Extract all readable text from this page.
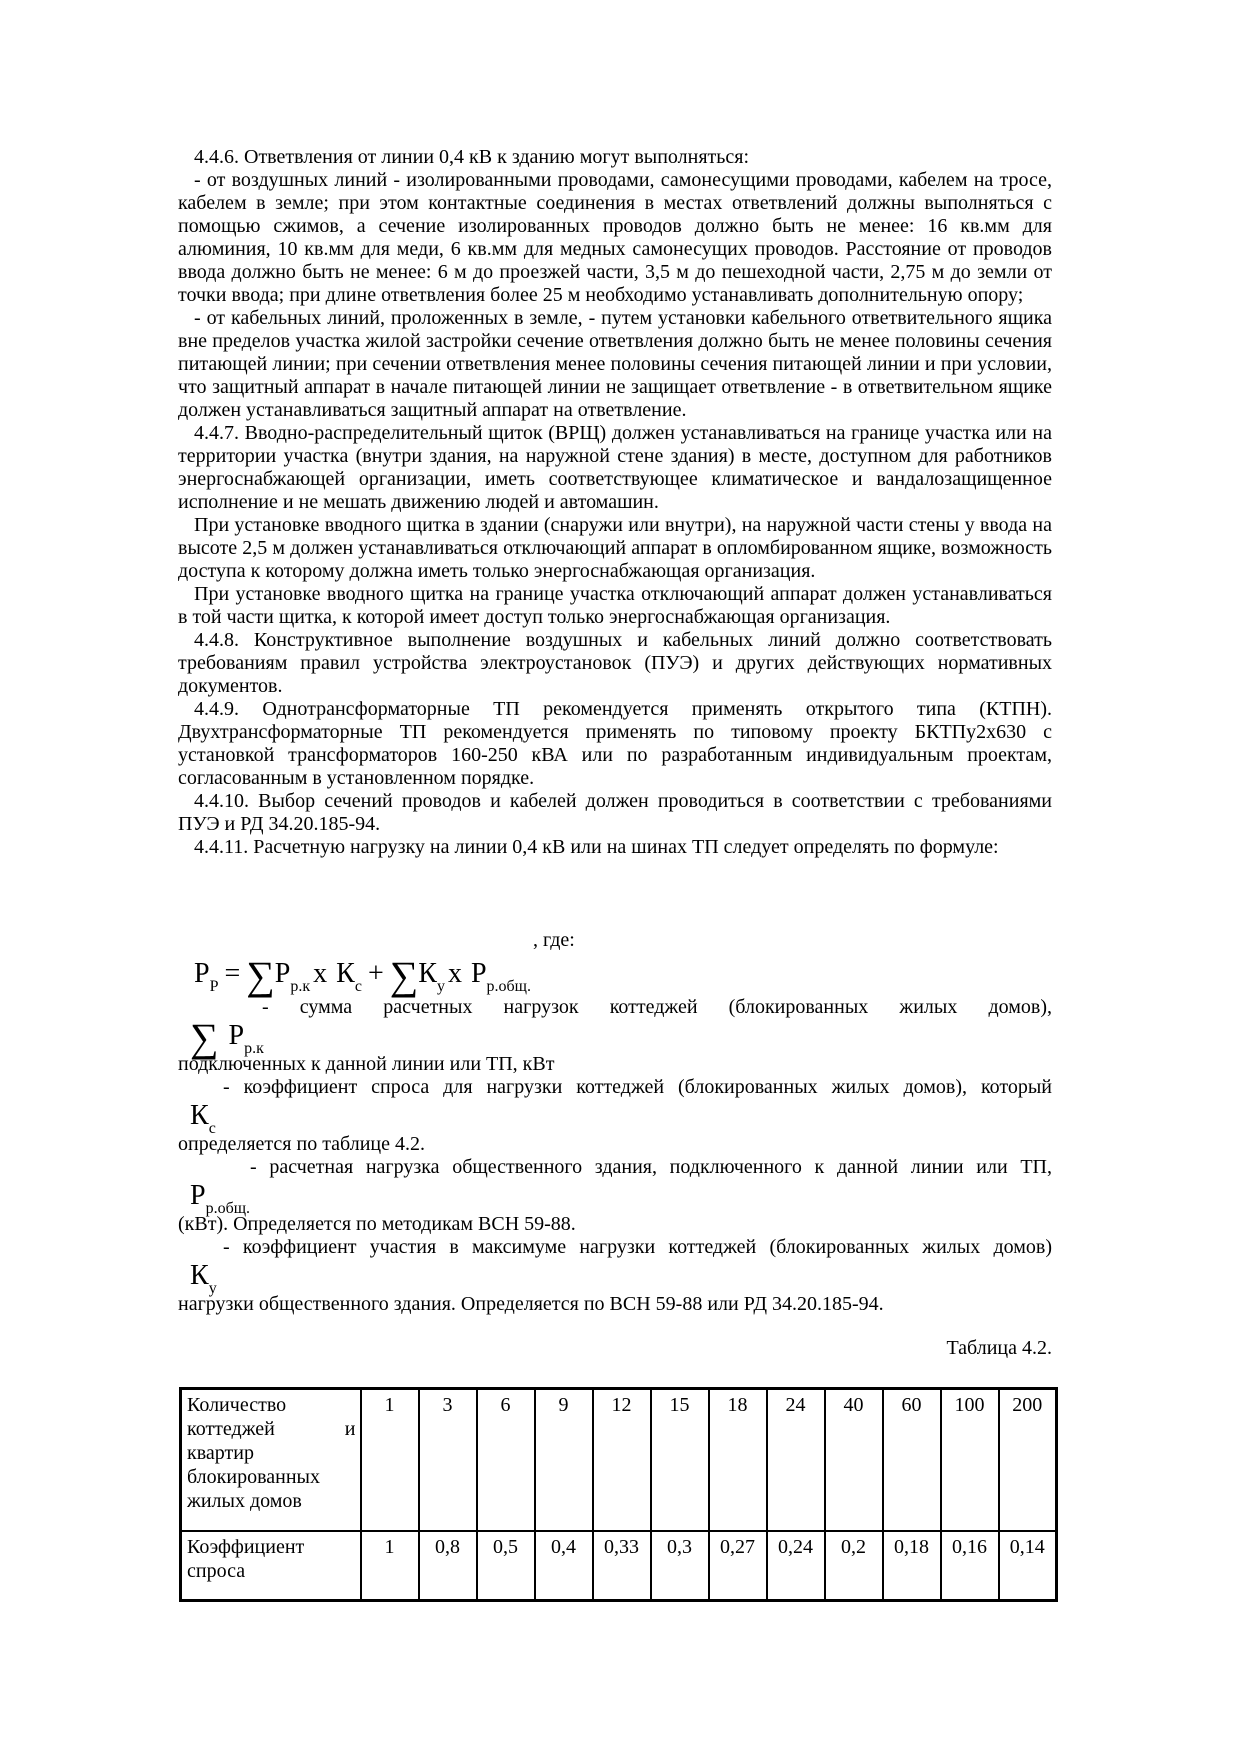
4.4.6. Ответвления от линии 0,4 кВ к зданию могут выполняться:

- от воздушных линий - изолированными проводами, самонесущими проводами, кабелем на тросе, кабелем в земле; при этом контактные соединения в местах ответвлений должны выполняться с помощью сжимов, а сечение изолированных проводов должно быть не менее: 16 кв.мм для алюминия, 10 кв.мм для меди, 6 кв.мм для медных самонесущих проводов. Расстояние от проводов ввода должно быть не менее: 6 м до проезжей части, 3,5 м до пешеходной части, 2,75 м до земли от точки ввода; при длине ответвления более 25 м необходимо устанавливать дополнительную опору;

- от кабельных линий, проложенных в земле, - путем установки кабельного ответвительного ящика вне пределов участка жилой застройки сечение ответвления должно быть не менее половины сечения питающей линии; при сечении ответвления менее половины сечения питающей линии и при условии, что защитный аппарат в начале питающей линии не защищает ответвление - в ответвительном ящике должен устанавливаться защитный аппарат на ответвление.

4.4.7. Вводно-распределительный щиток (ВРЩ) должен устанавливаться на границе участка или на территории участка (внутри здания, на наружной стене здания) в месте, доступном для работников энергоснабжающей организации, иметь соответствующее климатическое и вандалозащищенное исполнение и не мешать движению людей и автомашин.

При установке вводного щитка в здании (снаружи или внутри), на наружной части стены у ввода на высоте 2,5 м должен устанавливаться отключающий аппарат в опломбированном ящике, возможность доступа к которому должна иметь только энергоснабжающая организация.

При установке вводного щитка на границе участка отключающий аппарат должен устанавливаться в той части щитка, к которой имеет доступ только энергоснабжающая организация.

4.4.8. Конструктивное выполнение воздушных и кабельных линий должно соответствовать требованиям правил устройства электроустановок (ПУЭ) и других действующих нормативных документов.

4.4.9. Однотрансформаторные ТП рекомендуется применять открытого типа (КТПН). Двухтрансформаторные ТП рекомендуется применять по типовому проекту БКТПу2х630 с установкой трансформаторов 160-250 кВА или по разработанным индивидуальным проектам, согласованным в установленном порядке.

4.4.10. Выбор сечений проводов и кабелей должен проводиться в соответствии с требованиями ПУЭ и РД 34.20.185-94.

4.4.11. Расчетную нагрузку на линии 0,4 кВ или на шинах ТП следует определять по формуле:

, где:
$Р_Р = \sum Р_{р.к}$ х $К_с + \sum К_у$ х $Р_{р.общ.}$
- сумма расчетных нагрузок коттеджей (блокированных жилых домов),
∑ $Р_{р.к}$
подключенных к данной линии или ТП, кВт
- коэффициент спроса для нагрузки коттеджей (блокированных жилых домов), который
$К_с$
определяется по таблице 4.2.
- расчетная нагрузка общественного здания, подключенного к данной линии или ТП,
$Р_{р.общ.}$
(кВт). Определяется по методикам ВСН 59-88.
- коэффициент участия в максимуме нагрузки коттеджей (блокированных жилых домов)
$К_у$
нагрузки общественного здания. Определяется по ВСН 59-88 или РД 34.20.185-94.
Таблица 4.2.
Количество коттеджей и квартир блокированных жилых домов	1	3	6	9	12	15	18	24	40	60	100	200
Коэффициент спроса	1	0,8	0,5	0,4	0,33	0,3	0,27	0,24	0,2	0,18	0,16	0,14
